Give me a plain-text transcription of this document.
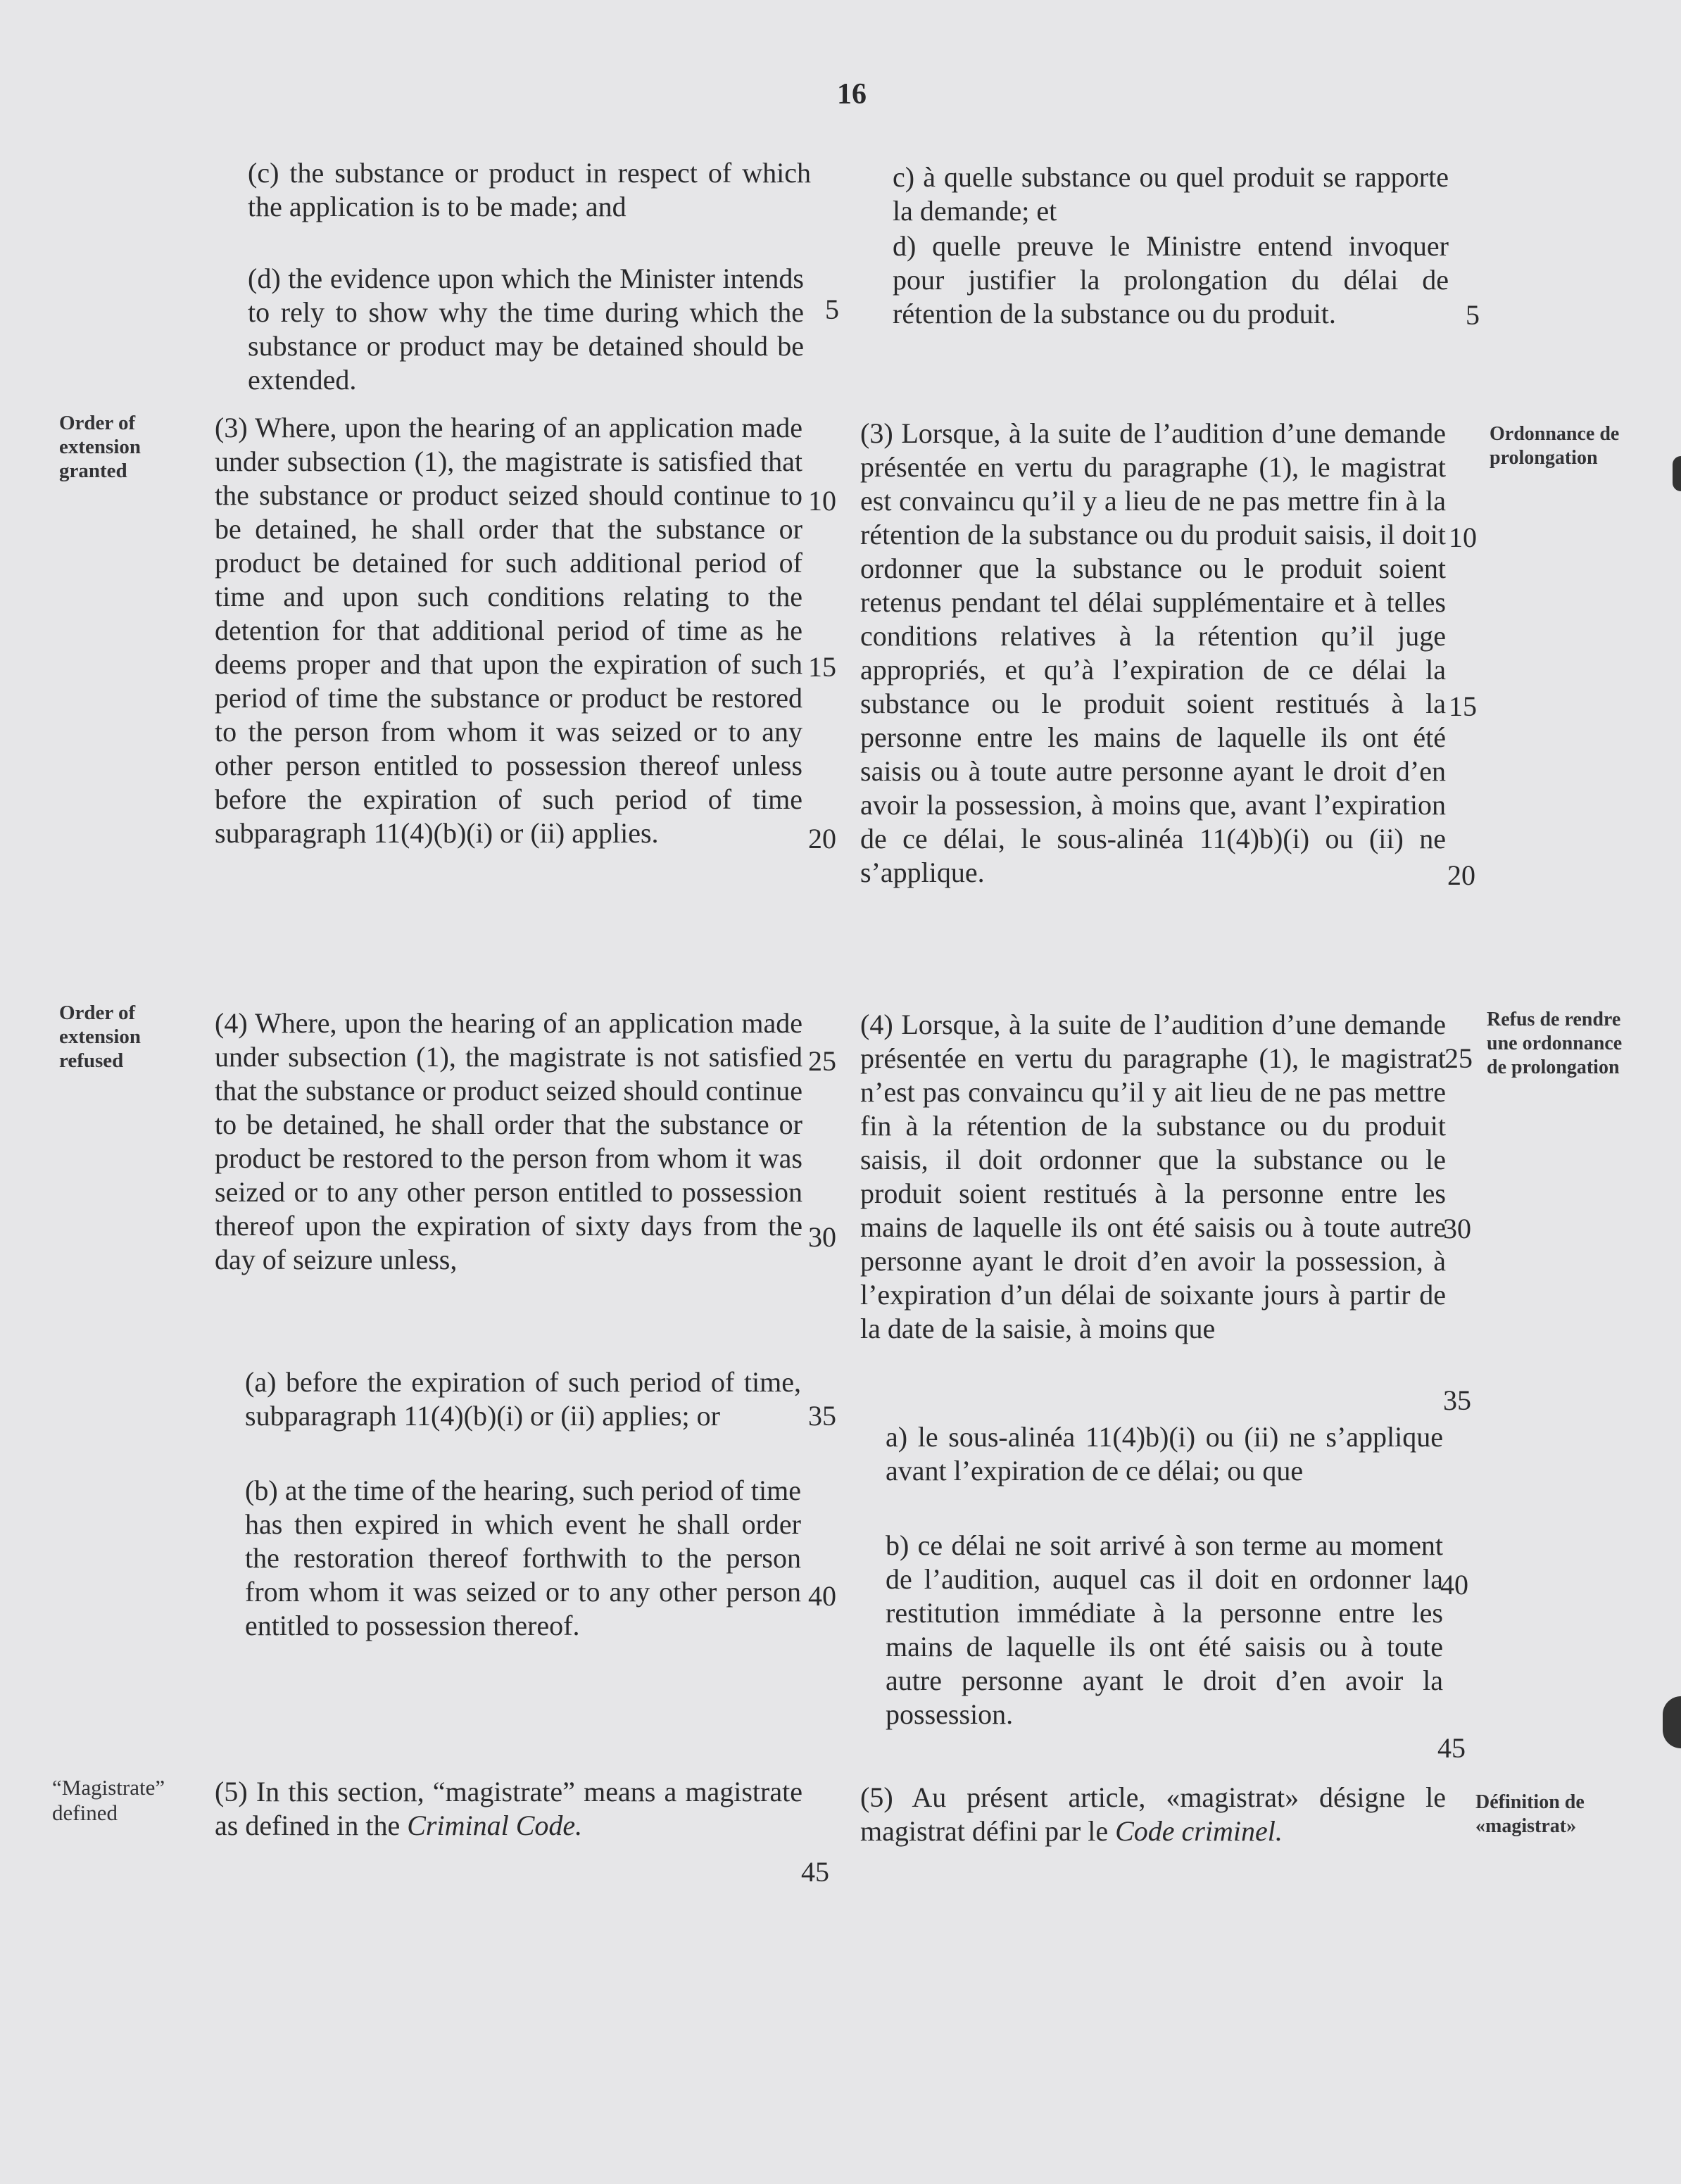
16

(c) the substance or product in respect of which the application is to be made; and

(d) the evidence upon which the Minister intends to rely to show why the time during which the substance or product may be detained should be extended.

Order of extension granted

(3) Where, upon the hearing of an application made under subsection (1), the magistrate is satisfied that the substance or product seized should continue to be detained, he shall order that the substance or product be detained for such additional period of time and upon such conditions relating to the detention for that additional period of time as he deems proper and that upon the expiration of such period of time the substance or product be restored to the person from whom it was seized or to any other person entitled to possession thereof unless before the expiration of such period of time subparagraph 11(4)(b)(i) or (ii) applies.

Order of extension refused

(4) Where, upon the hearing of an application made under subsection (1), the magistrate is not satisfied that the substance or product seized should continue to be detained, he shall order that the substance or product be restored to the person from whom it was seized or to any other person entitled to possession thereof upon the expiration of sixty days from the day of seizure unless,

(a) before the expiration of such period of time, subparagraph 11(4)(b)(i) or (ii) applies; or

(b) at the time of the hearing, such period of time has then expired in which event he shall order the restoration thereof forthwith to the person from whom it was seized or to any other person entitled to possession thereof.

“Magistrate” defined

(5) In this section, “magistrate” means a magistrate as defined in the Criminal Code.

5
10
15
20
25
30
35
40
45

c) à quelle substance ou quel produit se rapporte la demande; et

d) quelle preuve le Ministre entend invoquer pour justifier la prolongation du délai de rétention de la substance ou du produit.

(3) Lorsque, à la suite de l’audition d’une demande présentée en vertu du paragraphe (1), le magistrat est convaincu qu’il y a lieu de ne pas mettre fin à la rétention de la substance ou du produit saisis, il doit ordonner que la substance ou le produit soient retenus pendant tel délai supplémentaire et à telles conditions relatives à la rétention qu’il juge appropriés, et qu’à l’expiration de ce délai la substance ou le produit soient restitués à la personne entre les mains de laquelle ils ont été saisis ou à toute autre personne ayant le droit d’en avoir la possession, à moins que, avant l’expiration de ce délai, le sous-alinéa 11(4)b)(i) ou (ii) ne s’applique.

Ordonnance de prolongation

(4) Lorsque, à la suite de l’audition d’une demande présentée en vertu du paragraphe (1), le magistrat n’est pas convaincu qu’il y ait lieu de ne pas mettre fin à la rétention de la substance ou du produit saisis, il doit ordonner que la substance ou le produit soient restitués à la personne entre les mains de laquelle ils ont été saisis ou à toute autre personne ayant le droit d’en avoir la possession, à l’expiration d’un délai de soixante jours à partir de la date de la saisie, à moins que

Refus de rendre une ordonnance de prolongation

a) le sous-alinéa 11(4)b)(i) ou (ii) ne s’applique avant l’expiration de ce délai; ou que

b) ce délai ne soit arrivé à son terme au moment de l’audition, auquel cas il doit en ordonner la restitution immédiate à la personne entre les mains de laquelle ils ont été saisis ou à toute autre personne ayant le droit d’en avoir la possession.

(5) Au présent article, «magistrat» désigne le magistrat défini par le Code criminel.

Définition de «magistrat»
5
10
15
20
25
30
35
40
45
